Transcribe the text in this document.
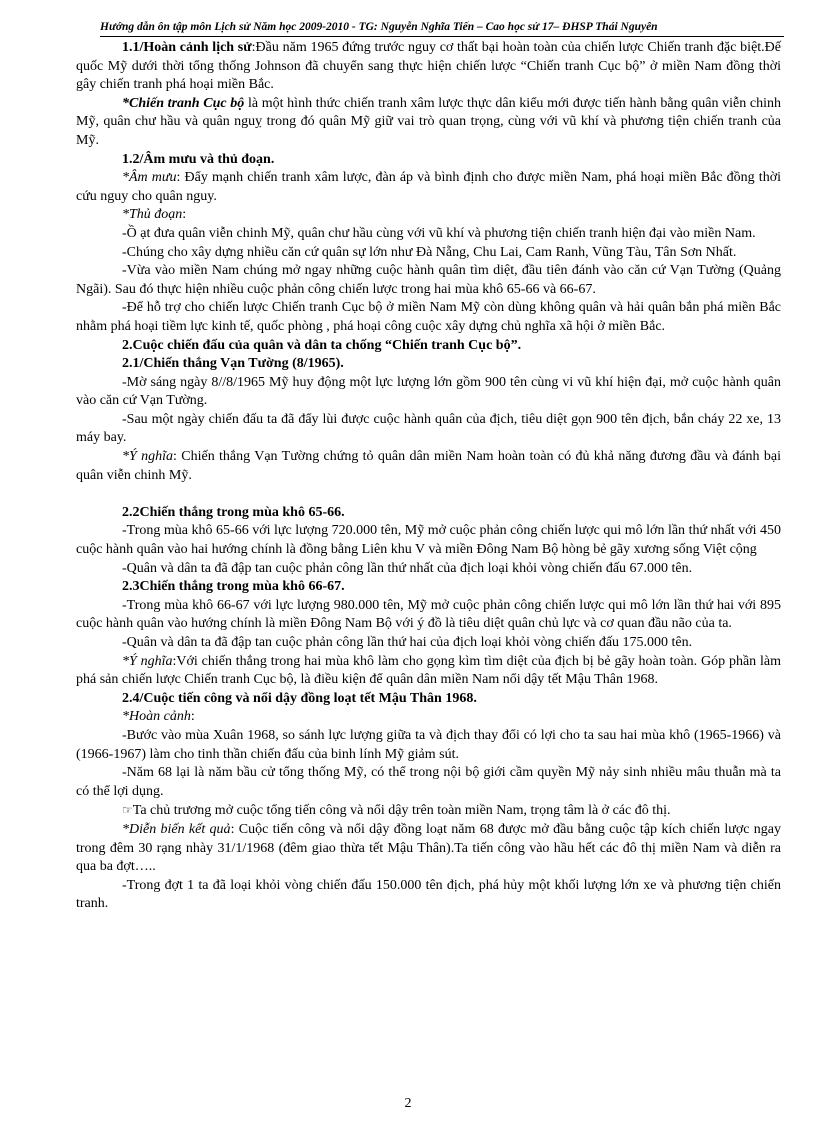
Hướng dẫn ôn tập môn Lịch sử Năm học 2009-2010 - TG: Nguyễn Nghĩa Tiến – Cao học sử 17– ĐHSP Thái Nguyên

1.1/Hoàn cảnh lịch sử:Đầu năm 1965 đứng trước nguy cơ thất bại hoàn toàn của chiến lược Chiến tranh đặc biệt.Đế quốc Mỹ dưới thời tổng thống Johnson đã chuyển sang thực hiện chiến lược “Chiến tranh Cục bộ” ở miền Nam đồng thời gây chiến tranh phá hoại miền Bắc.

*Chiến tranh Cục bộ là một hình thức chiến tranh xâm lược thực dân kiểu mới được tiến hành bằng quân viễn chinh Mỹ, quân chư hầu và quân nguỵ trong đó quân Mỹ giữ vai trò quan trọng, cùng với vũ khí và phương tiện chiến tranh của Mỹ.

1.2/Âm mưu và thủ đoạn.

*Âm mưu: Đẩy mạnh chiến tranh xâm lược, đàn áp và bình định cho được miền Nam, phá hoại miền Bắc đồng thời cứu nguy cho quân nguy.

*Thủ đoạn:

-Ồ ạt đưa quân viễn chinh Mỹ, quân chư hầu cùng với vũ khí và phương tiện chiến tranh hiện đại vào miền Nam.

-Chúng cho xây dựng nhiều căn cứ quân sự lớn như Đà Nẵng, Chu Lai, Cam Ranh, Vũng Tàu, Tân Sơn Nhất.

-Vừa vào miền Nam chúng mở ngay những cuộc hành quân tìm diệt, đầu tiên đánh vào căn cứ Vạn Tường (Quảng Ngãi). Sau đó thực hiện nhiều cuộc phản công chiến lược trong hai mùa khô 65-66 và 66-67.

-Để hỗ trợ cho chiến lược Chiến tranh Cục bộ ở miền Nam Mỹ còn dùng không quân và hải quân bắn phá miền Bắc nhằm phá hoại tiềm lực kinh tế, quốc phòng , phá hoại công cuộc xây dựng chủ nghĩa xã hội ở miền Bắc.

2.Cuộc chiến đấu của quân và dân ta chống “Chiến tranh Cục bộ”.

2.1/Chiến thắng Vạn Tường (8/1965).

-Mờ sáng ngày 8//8/1965 Mỹ huy động một lực lượng lớn gồm 900 tên cùng vi vũ khí hiện đại, mở cuộc hành quân vào căn cứ Vạn Tường.

-Sau một ngày chiến đấu ta đã đẩy lùi được cuộc hành quân của địch, tiêu diệt gọn 900 tên địch, bắn cháy 22 xe, 13 máy bay.

*Ý nghĩa: Chiến thắng Vạn Tường chứng tỏ quân dân miền Nam hoàn toàn có đủ khả năng đương đầu và đánh bại quân viễn chinh Mỹ.

2.2Chiến thắng trong mùa khô 65-66.

-Trong mùa khô 65-66 với lực lượng 720.000 tên, Mỹ mở cuộc phản công chiến lược qui mô lớn lần thứ nhất với 450 cuộc hành quân vào hai hướng chính là đồng bằng Liên khu V và miền Đông Nam Bộ hòng bẻ gãy xương sống Việt cộng

-Quân và dân ta đã đập tan cuộc phản công lần thứ nhất của địch loại khỏi vòng chiến đấu 67.000 tên.

2.3Chiến thắng trong mùa khô 66-67.

-Trong mùa khô 66-67 với lực lượng 980.000 tên, Mỹ mở cuộc phản công chiến lược qui mô lớn lần thứ hai với 895 cuộc hành quân vào hướng chính là miền Đông Nam Bộ với ý đồ là tiêu diệt quân chủ lực và cơ quan đầu não của ta.

-Quân và dân ta đã đập tan cuộc phản công lần thứ hai của địch loại khỏi vòng chiến đấu 175.000 tên.

*Ý nghĩa:Với chiến thắng trong hai mùa khô làm cho gọng kìm tìm diệt của địch bị bẻ gãy hoàn toàn. Góp phần làm phá sản chiến lược Chiến tranh Cục bộ, là điều kiện để quân dân miền Nam nổi dậy tết Mậu Thân 1968.

2.4/Cuộc tiến công và nổi dậy đồng loạt tết Mậu Thân 1968.

*Hoàn cảnh:

-Bước vào mùa Xuân 1968, so sánh lực lượng giữa ta và địch thay đổi có lợi cho ta sau hai mùa khô (1965-1966) và (1966-1967) làm cho tinh thần chiến đấu của binh lính Mỹ giảm sút.

-Năm 68 lại là năm bầu cử tổng thống Mỹ, có thể trong nội bộ giới cầm quyền Mỹ nảy sinh nhiều mâu thuẫn mà ta có thể lợi dụng.

☞Ta chủ trương mở cuộc tổng tiến công và nổi dậy trên toàn miền Nam, trọng tâm là ở các đô thị.

*Diễn biến kết quả: Cuộc tiến công và nổi dậy đồng loạt năm 68 được mở đầu bằng cuộc tập kích chiến lược ngay trong đêm 30 rạng nhày 31/1/1968 (đêm giao thừa tết Mậu Thân).Ta tiến công vào hầu hết các đô thị miền Nam và diễn ra qua ba đợt…..

-Trong đợt 1 ta đã loại khỏi vòng chiến đấu 150.000 tên địch, phá hủy một khối lượng lớn xe và phương tiện chiến tranh.

2
